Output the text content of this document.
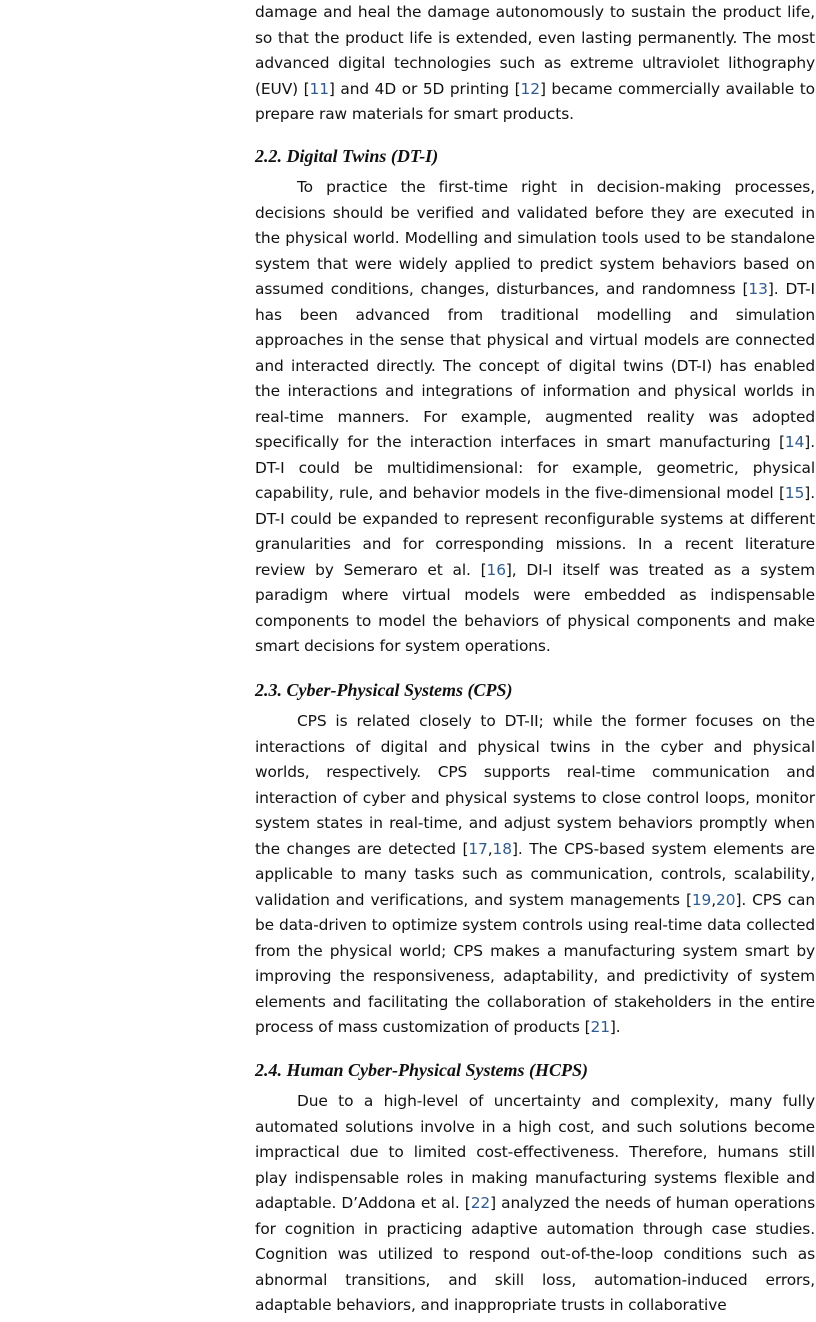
damage and heal the damage autonomously to sustain the product life, so that the product life is extended, even lasting permanently. The most advanced digital technologies such as extreme ultraviolet lithography (EUV) [11] and 4D or 5D printing [12] became commercially available to prepare raw materials for smart products.

2.2. Digital Twins (DT-I)

To practice the first-time right in decision-making processes, decisions should be verified and validated before they are executed in the physical world. Modelling and simulation tools used to be standalone system that were widely applied to predict system behaviors based on assumed conditions, changes, disturbances, and randomness [13]. DT-I has been advanced from traditional modelling and simulation approaches in the sense that physical and virtual models are connected and interacted directly. The concept of digital twins (DT-I) has enabled the interactions and integrations of information and physical worlds in real-time manners. For example, augmented reality was adopted specifically for the interaction interfaces in smart manufacturing [14]. DT-I could be multidimensional: for example, geometric, physical capability, rule, and behavior models in the five-dimensional model [15]. DT-I could be expanded to represent reconfigurable systems at different granularities and for corresponding missions. In a recent literature review by Semeraro et al. [16], DI-I itself was treated as a system paradigm where virtual models were embedded as indispensable components to model the behaviors of physical components and make smart decisions for system operations.

2.3. Cyber-Physical Systems (CPS)

CPS is related closely to DT-II; while the former focuses on the interactions of digital and physical twins in the cyber and physical worlds, respectively. CPS supports real-time communication and interaction of cyber and physical systems to close control loops, monitor system states in real-time, and adjust system behaviors promptly when the changes are detected [17,18]. The CPS-based system elements are applicable to many tasks such as communication, controls, scalability, validation and verifications, and system managements [19,20]. CPS can be data-driven to optimize system controls using real-time data collected from the physical world; CPS makes a manufacturing system smart by improving the responsiveness, adaptability, and predictivity of system elements and facilitating the collaboration of stakeholders in the entire process of mass customization of products [21].

2.4. Human Cyber-Physical Systems (HCPS)

Due to a high-level of uncertainty and complexity, many fully automated solutions involve in a high cost, and such solutions become impractical due to limited cost-effectiveness. Therefore, humans still play indispensable roles in making manufacturing systems flexible and adaptable. D’Addona et al. [22] analyzed the needs of human operations for cognition in practicing adaptive automation through case studies. Cognition was utilized to respond out-of-the-loop conditions such as abnormal transitions, and skill loss, automation-induced errors, adaptable behaviors, and inappropriate trusts in collaborative
